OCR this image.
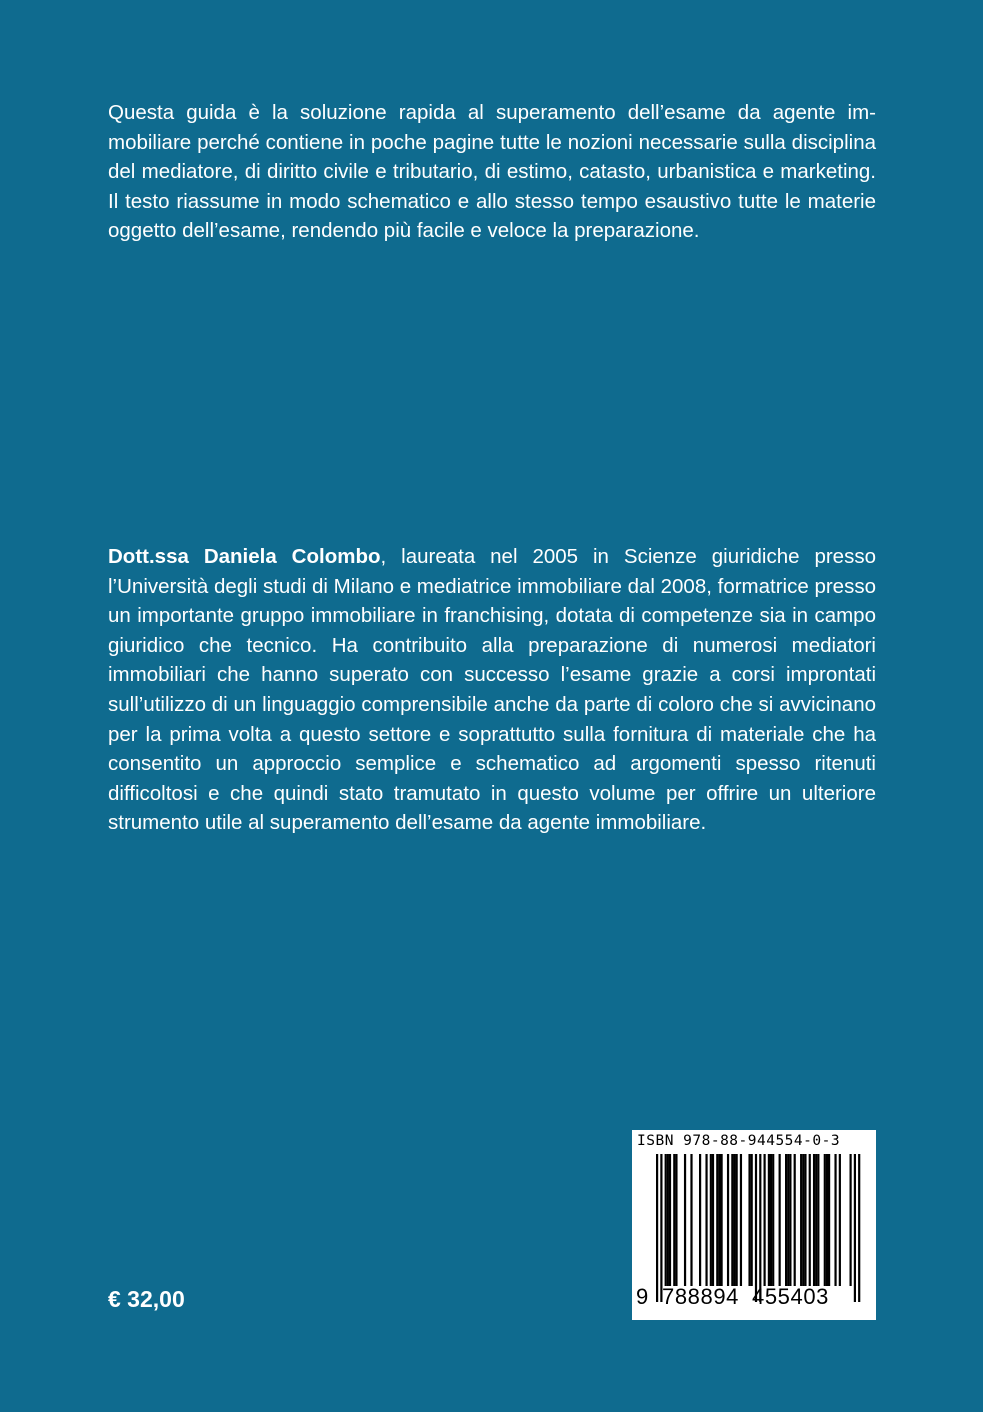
Questa guida è la soluzione rapida al superamento dell’esame da agente immobiliare perché contiene in poche pagine tutte le nozioni necessarie sulla disciplina del mediatore, di diritto civile e tributario, di estimo, catasto, urbanistica e marketing. Il testo riassume in modo schematico e allo stesso tempo esaustivo tutte le materie oggetto dell’esame, rendendo più facile e veloce la preparazione.

Dott.ssa Daniela Colombo, laureata nel 2005 in Scienze giuridiche presso l’Università degli studi di Milano e mediatrice immobiliare dal 2008, formatrice presso un importante gruppo immobiliare in franchising, dotata di competenze sia in campo giuridico che tecnico. Ha contribuito alla preparazione di numerosi mediatori immobiliari che hanno superato con successo l’esame grazie a corsi improntati sull’utilizzo di un linguaggio comprensibile anche da parte di coloro che si avvicinano per la prima volta a questo settore e soprattutto sulla fornitura di materiale che ha consentito un approccio semplice e schematico ad argomenti spesso ritenuti difficoltosi e che quindi stato tramutato in questo volume per offrire un ulteriore strumento utile al superamento dell’esame da agente immobiliare.

€ 32,00
ISBN 978-88-944554-0-3
9 788894 455403
